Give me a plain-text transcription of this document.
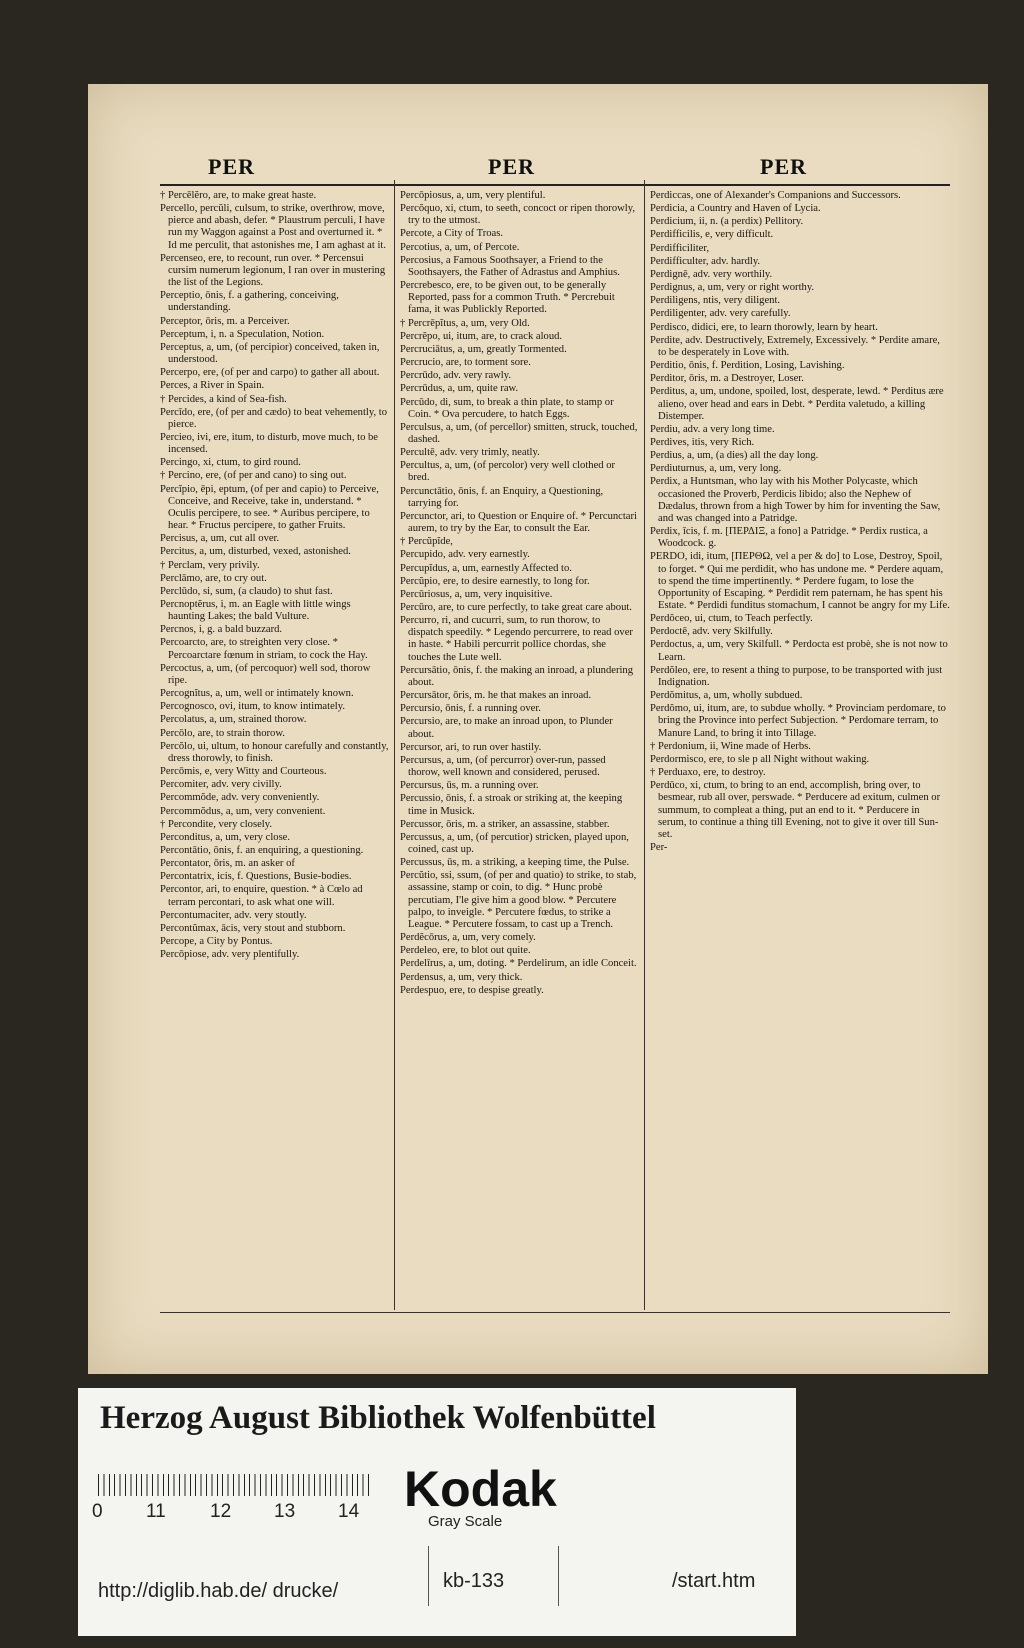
PER	PER	PER

† Percēlĕro, are, to make great haste.

Percello, percŭli, culsum, to strike, overthrow, move, pierce and abash, defer. * Plaustrum perculi, I have run my Waggon against a Post and overturned it. * Id me perculit, that astonishes me, I am aghast at it.

Percenseo, ere, to recount, run over. * Percensui cursim numerum legionum, I ran over in mustering the list of the Legions.

Perceptio, ōnis, f. a gathering, conceiving, understanding.

Perceptor, ōris, m. a Perceiver.

Perceptum, i, n. a Speculation, Notion.

Perceptus, a, um, (of percipior) conceived, taken in, understood.

Percerpo, ere, (of per and carpo) to gather all about.

Perces, a River in Spain.

† Percides, a kind of Sea-fish.

Percīdo, ere, (of per and cædo) to beat vehemently, to pierce.

Percieo, ivi, ere, itum, to disturb, move much, to be incensed.

Percingo, xi, ctum, to gird round.

† Percino, ere, (of per and cano) to sing out.

Percĭpio, ēpi, eptum, (of per and capio) to Perceive, Conceive, and Receive, take in, understand. * Oculis percipere, to see. * Auribus percipere, to hear. * Fructus percipere, to gather Fruits.

Percisus, a, um, cut all over.

Percitus, a, um, disturbed, vexed, astonished.

† Perclam, very privily.

Perclāmo, are, to cry out.

Perclūdo, si, sum, (a claudo) to shut fast.

Percnoptĕrus, i, m. an Eagle with little wings haunting Lakes; the bald Vulture.

Percnos, i, g. a bald buzzard.

Percoarcto, are, to streighten very close. * Percoarctare fœnum in striam, to cock the Hay.

Percoctus, a, um, (of percoquor) well sod, thorow ripe.

Percognĭtus, a, um, well or intimately known.

Percognosco, ovi, itum, to know intimately.

Percolatus, a, um, strained thorow.

Percōlo, are, to strain thorow.

Percŏlo, ui, ultum, to honour carefully and constantly, dress thorowly, to finish.

Percōmis, e, very Witty and Courteous.

Percomiter, adv. very civilly.

Percommŏde, adv. very conveniently.

Percommŏdus, a, um, very convenient.

† Percondite, very closely.

Perconditus, a, um, very close.

Percontātio, ōnis, f. an enquiring, a questioning.

Percontator, ōris, m. an asker of

Percontatrix, icis, f. Questions, Busie-bodies.

Percontor, ari, to enquire, question. * à Cœlo ad terram percontari, to ask what one will.

Percontumaciter, adv. very stoutly.

Percontŭmax, ācis, very stout and stubborn.

Percope, a City by Pontus.

Percōpiose, adv. very plentifully.

Percōpiosus, a, um, very plentiful.

Percŏquo, xi, ctum, to seeth, concoct or ripen thorowly, try to the utmost.

Percote, a City of Troas.

Percotius, a, um, of Percote.

Percosius, a Famous Soothsayer, a Friend to the Soothsayers, the Father of Adrastus and Amphius.

Percrebesco, ere, to be given out, to be generally Reported, pass for a common Truth. * Percrebuit fama, it was Publickly Reported.

† Percrēpĭtus, a, um, very Old.

Percrĕpo, ui, itum, are, to crack aloud.

Percruciātus, a, um, greatly Tormented.

Percrucio, are, to torment sore.

Percrūdo, adv. very rawly.

Percrūdus, a, um, quite raw.

Percūdo, di, sum, to break a thin plate, to stamp or Coin. * Ova percudere, to hatch Eggs.

Perculsus, a, um, (of percellor) smitten, struck, touched, dashed.

Percultē, adv. very trimly, neatly.

Percultus, a, um, (of percolor) very well clothed or bred.

Percunctātio, ōnis, f. an Enquiry, a Questioning, tarrying for.

Percunctor, ari, to Question or Enquire of. * Percunctari aurem, to try by the Ear, to consult the Ear.

† Percŭpĭde,

Percupido, adv. very earnestly.

Percupĭdus, a, um, earnestly Affected to.

Percŭpio, ere, to desire earnestly, to long for.

Percūriosus, a, um, very inquisitive.

Percūro, are, to cure perfectly, to take great care about.

Percurro, ri, and cucurri, sum, to run thorow, to dispatch speedily. * Legendo percurrere, to read over in haste. * Habili percurrit pollice chordas, she touches the Lute well.

Percursātio, ōnis, f. the making an inroad, a plundering about.

Percursātor, ōris, m. he that makes an inroad.

Percursio, ōnis, f. a running over.

Percursio, are, to make an inroad upon, to Plunder about.

Percursor, ari, to run over hastily.

Percursus, a, um, (of percurror) over-run, passed thorow, well known and considered, perused.

Percursus, ūs, m. a running over.

Percussio, ōnis, f. a stroak or striking at, the keeping time in Musick.

Percussor, ōris, m. a striker, an assassine, stabber.

Percussus, a, um, (of percutior) stricken, played upon, coined, cast up.

Percussus, ūs, m. a striking, a keeping time, the Pulse.

Percŭtio, ssi, ssum, (of per and quatio) to strike, to stab, assassine, stamp or coin, to dig. * Hunc probè percutiam, I'le give him a good blow. * Percutere palpo, to inveigle. * Percutere fœdus, to strike a League. * Percutere fossam, to cast up a Trench.

Perdĕcōrus, a, um, very comely.

Perdeleo, ere, to blot out quite.

Perdelīrus, a, um, doting. * Perdelirum, an idle Conceit.

Perdensus, a, um, very thick.

Perdespuo, ere, to despise greatly.

Perdiccas, one of Alexander's Companions and Successors.

Perdicia, a Country and Haven of Lycia.

Perdicium, ii, n. (a perdix) Pellitory.

Perdifficilis, e, very difficult.

Perdifficiliter,

Perdifficulter, adv. hardly.

Perdignē, adv. very worthily.

Perdignus, a, um, very or right worthy.

Perdiligens, ntis, very diligent.

Perdiligenter, adv. very carefully.

Perdisco, didici, ere, to learn thorowly, learn by heart.

Perdite, adv. Destructively, Extremely, Excessively. * Perdite amare, to be desperately in Love with.

Perditio, ōnis, f. Perdition, Losing, Lavishing.

Perditor, ōris, m. a Destroyer, Loser.

Perditus, a, um, undone, spoiled, lost, desperate, lewd. * Perditus ære alieno, over head and ears in Debt. * Perdita valetudo, a killing Distemper.

Perdiu, adv. a very long time.

Perdives, itis, very Rich.

Perdius, a, um, (a dies) all the day long.

Perdiuturnus, a, um, very long.

Perdix, a Huntsman, who lay with his Mother Polycaste, which occasioned the Proverb, Perdicis libido; also the Nephew of Dædalus, thrown from a high Tower by him for inventing the Saw, and was changed into a Patridge.

Perdix, īcis, f. m. [ΠΕΡΔΙΞ, a fono] a Patridge. * Perdix rustica, a Woodcock. g.

PERDO, idi, itum, [ΠΕΡΘΩ, vel a per & do] to Lose, Destroy, Spoil, to forget. * Qui me perdidit, who has undone me. * Perdere aquam, to spend the time impertinently. * Perdere fugam, to lose the Opportunity of Escaping. * Perdidit rem paternam, he has spent his Estate. * Perdidi funditus stomachum, I cannot be angry for my Life.

Perdŏceo, ui, ctum, to Teach perfectly.

Perdoctē, adv. very Skilfully.

Perdoctus, a, um, very Skilfull. * Perdocta est probè, she is not now to Learn.

Perdŏleo, ere, to resent a thing to purpose, to be transported with just Indignation.

Perdŏmitus, a, um, wholly subdued.

Perdŏmo, ui, itum, are, to subdue wholly. * Provinciam perdomare, to bring the Province into perfect Subjection. * Perdomare terram, to Manure Land, to bring it into Tillage.

† Perdonium, ii, Wine made of Herbs.

Perdormisco, ere, to sle p all Night without waking.

† Perduaxo, ere, to destroy.

Perdūco, xi, ctum, to bring to an end, accomplish, bring over, to besmear, rub all over, perswade. * Perducere ad exitum, culmen or summum, to compleat a thing, put an end to it. * Perducere in serum, to continue a thing till Evening, not to give it over till Sun-set.

Per-

Herzog August Bibliothek Wolfenbüttel
0 11 12 13 14 Kodak
Gray Scale
http://diglib.hab.de/ drucke/	kb-133	/start.htm
